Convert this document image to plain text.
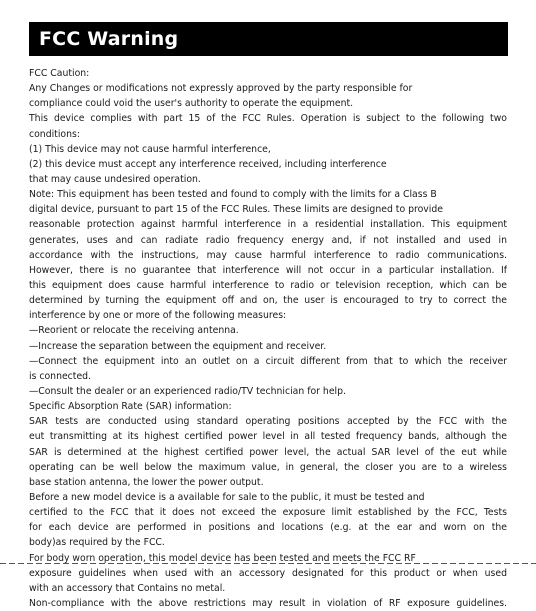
FCC Warning
FCC Caution:
Any Changes or modifications not expressly approved by the party responsible for
compliance could void the user's authority to operate the equipment.
This device complies with part 15 of the FCC Rules. Operation is subject to the following two
conditions:
(1) This device may not cause harmful interference,
(2) this device must accept any interference received, including interference
that may cause undesired operation.
Note: This equipment has been tested and found to comply with the limits for a Class B
digital device, pursuant to part 15 of the FCC Rules. These limits are designed to provide
reasonable protection against harmful interference in a residential installation. This equipment
generates, uses and can radiate radio frequency energy and, if not installed and used in
accordance with the instructions, may cause harmful interference to radio communications.
However, there is no guarantee that interference will not occur in a particular installation. If
this equipment does cause harmful interference to radio or television reception, which can be
determined by turning the equipment off and on, the user is encouraged to try to correct the
interference by one or more of the following measures:
—Reorient or relocate the receiving antenna.
—Increase the separation between the equipment and receiver.
—Connect the equipment into an outlet on a circuit different from that to which the receiver
is connected.
—Consult the dealer or an experienced radio/TV technician for help.
Specific Absorption Rate (SAR) information:
SAR tests are conducted using standard operating positions accepted by the FCC with the
eut transmitting at its highest certified power level in all tested frequency bands, although the
SAR is determined at the highest certified power level, the actual SAR level of the eut while
operating can be well below the maximum value, in general, the closer you are to a wireless
base station antenna, the lower the power output.
Before a new model device is a available for sale to the public, it must be tested and
certified to the FCC that it does not exceed the exposure limit established by the FCC, Tests
for each device are performed in positions and locations (e.g. at the ear and worn on the
body)as required by the FCC.
For body worn operation, this model device has been tested and meets the FCC RF
exposure guidelines when used with an accessory designated for this product or when used
with an accessory that Contains no metal.
Non-compliance with the above restrictions may result in violation of RF exposure guidelines.
